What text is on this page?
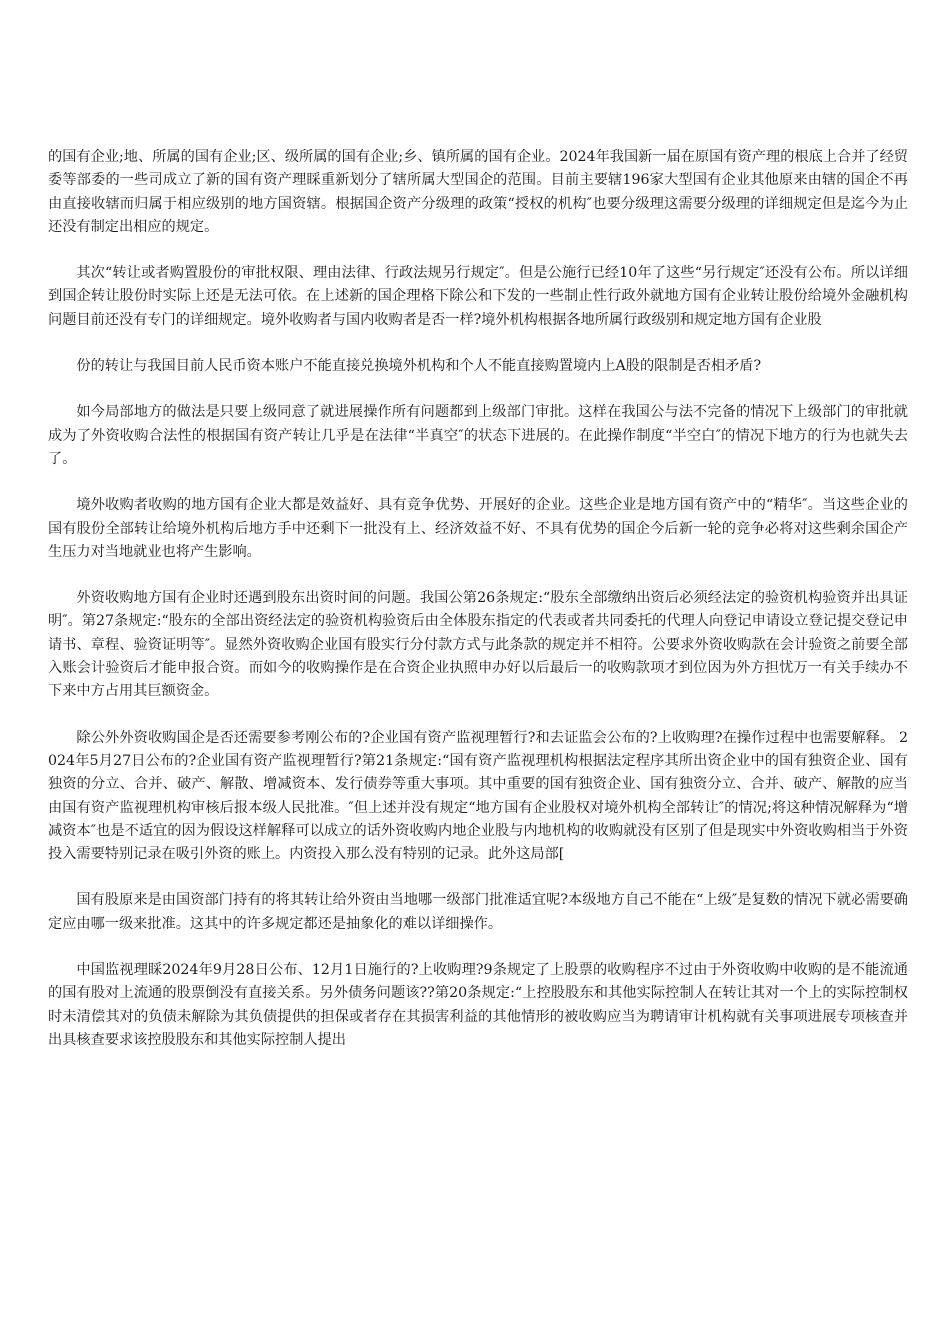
的国有企业;地、所属的国有企业;区、级所属的国有企业;乡、镇所属的国有企业。2024年我国新一届在原国有资产理的根底上合并了经贸委等部委的一些司成立了新的国有资产理睬重新划分了辖所属大型国企的范围。目前主要辖196家大型国有企业其他原来由辖的国企不再由直接收辖而归属于相应级别的地方国资辖。根据国企资产分级理的政策“授权的机构″也要分级理这需要分级理的详细规定但是迄今为止还没有制定出相应的规定。

其次“转让或者购置股份的审批权限、理由法律、行政法规另行规定″。但是公施行已经10年了这些“另行规定″还没有公布。所以详细到国企转让股份时实际上还是无法可依。在上述新的国企理格下除公和下发的一些制止性行政外就地方国有企业转让股份给境外金融机构问题目前还没有专门的详细规定。境外收购者与国内收购者是否一样?境外机构根据各地所属行政级别和规定地方国有企业股

份的转让与我国目前人民币资本账户不能直接兑换境外机构和个人不能直接购置境内上A股的限制是否相矛盾?

如今局部地方的做法是只要上级同意了就进展操作所有问题都到上级部门审批。这样在我国公与法不完备的情况下上级部门的审批就成为了外资收购合法性的根据国有资产转让几乎是在法律“半真空″的状态下进展的。在此操作制度“半空白″的情况下地方的行为也就失去了。

境外收购者收购的地方国有企业大都是效益好、具有竞争优势、开展好的企业。这些企业是地方国有资产中的“精华″。当这些企业的国有股份全部转让给境外机构后地方手中还剩下一批没有上、经济效益不好、不具有优势的国企今后新一轮的竞争必将对这些剩余国企产生压力对当地就业也将产生影响。

外资收购地方国有企业时还遇到股东出资时间的问题。我国公第26条规定:“股东全部缴纳出资后必须经法定的验资机构验资并出具证明″。第27条规定:“股东的全部出资经法定的验资机构验资后由全体股东指定的代表或者共同委托的代理人向登记申请设立登记提交登记申请书、章程、验资证明等″。显然外资收购企业国有股实行分付款方式与此条款的规定并不相符。公要求外资收购款在会计验资之前要全部入账会计验资后才能申报合资。而如今的收购操作是在合资企业执照申办好以后最后一的收购款项才到位因为外方担忧万一有关手续办不下来中方占用其巨额资金。

除公外外资收购国企是否还需要参考刚公布的?企业国有资产监视理暂行?和去证监会公布的?上收购理?在操作过程中也需要解释。 2024年5月27日公布的?企业国有资产监视理暂行?第21条规定:“国有资产监视理机构根据法定程序其所出资企业中的国有独资企业、国有独资的分立、合并、破产、解散、增减资本、发行债券等重大事项。其中重要的国有独资企业、国有独资分立、合并、破产、解散的应当由国有资产监视理机构审核后报本级人民批准。″但上述并没有规定“地方国有企业股权对境外机构全部转让″的情况;将这种情况解释为“增减资本″也是不适宜的因为假设这样解释可以成立的话外资收购内地企业股与内地机构的收购就没有区别了但是现实中外资收购相当于外资投入需要特别记录在吸引外资的账上。内资投入那么没有特别的记录。此外这局部[

国有股原来是由国资部门持有的将其转让给外资由当地哪一级部门批准适宜呢?本级地方自己不能在“上级″是复数的情况下就必需要确定应由哪一级来批准。这其中的许多规定都还是抽象化的难以详细操作。

中国监视理睬2024年9月28日公布、12月1日施行的?上收购理?9条规定了上股票的收购程序不过由于外资收购中收购的是不能流通的国有股对上流通的股票倒没有直接关系。另外债务问题该??第20条规定:“上控股股东和其他实际控制人在转让其对一个上的实际控制权时未清偿其对的负债未解除为其负债提供的担保或者存在其损害利益的其他情形的被收购应当为聘请审计机构就有关事项进展专项核查并出具核查要求该控股股东和其他实际控制人提出
